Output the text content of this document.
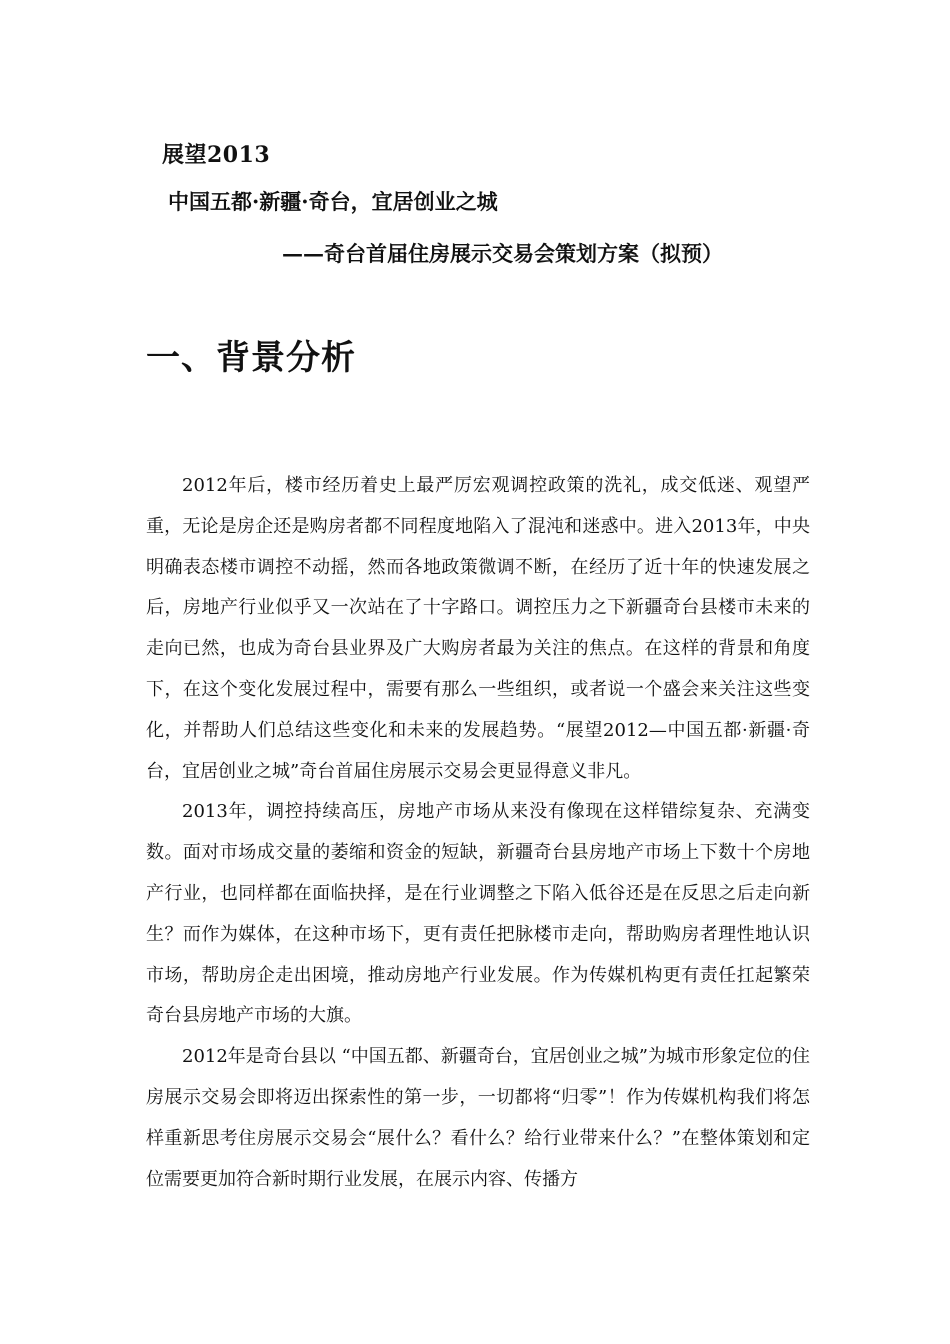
展望2013
中国五都·新疆·奇台，宜居创业之城
——奇台首届住房展示交易会策划方案（拟预）
一、背景分析

2012年后，楼市经历着史上最严厉宏观调控政策的洗礼，成交低迷、观望严重，无论是房企还是购房者都不同程度地陷入了混沌和迷惑中。进入2013年，中央明确表态楼市调控不动摇，然而各地政策微调不断，在经历了近十年的快速发展之后，房地产行业似乎又一次站在了十字路口。调控压力之下新疆奇台县楼市未来的走向已然，也成为奇台县业界及广大购房者最为关注的焦点。在这样的背景和角度下，在这个变化发展过程中，需要有那么一些组织，或者说一个盛会来关注这些变化，并帮助人们总结这些变化和未来的发展趋势。“展望2012—中国五都·新疆·奇台，宜居创业之城”奇台首届住房展示交易会更显得意义非凡。

2013年，调控持续高压，房地产市场从来没有像现在这样错综复杂、充满变数。面对市场成交量的萎缩和资金的短缺，新疆奇台县房地产市场上下数十个房地产行业，也同样都在面临抉择，是在行业调整之下陷入低谷还是在反思之后走向新生？而作为媒体，在这种市场下，更有责任把脉楼市走向，帮助购房者理性地认识市场，帮助房企走出困境，推动房地产行业发展。作为传媒机构更有责任扛起繁荣奇台县房地产市场的大旗。

2012年是奇台县以 “中国五都、新疆奇台，宜居创业之城”为城市形象定位的住房展示交易会即将迈出探索性的第一步，一切都将“归零”！作为传媒机构我们将怎样重新思考住房展示交易会“展什么？看什么？给行业带来什么？”在整体策划和定位需要更加符合新时期行业发展，在展示内容、传播方
